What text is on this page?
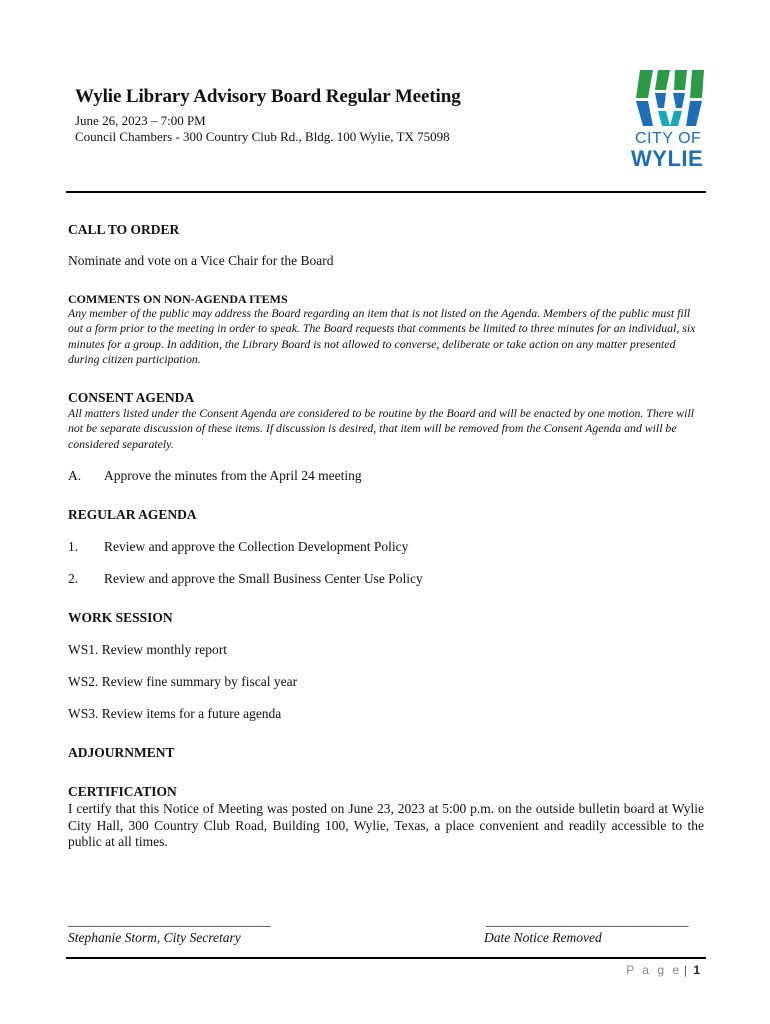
Wylie Library Advisory Board Regular Meeting
June 26, 2023 – 7:00 PM
Council Chambers - 300 Country Club Rd., Bldg. 100 Wylie, TX 75098	CITY OF
WYLIE
CALL TO ORDER
Nominate and vote on a Vice Chair for the Board
COMMENTS ON NON-AGENDA ITEMS
Any member of the public may address the Board regarding an item that is not listed on the Agenda. Members of the public must fill out a form prior to the meeting in order to speak. The Board requests that comments be limited to three minutes for an individual, six minutes for a group. In addition, the Library Board is not allowed to converse, deliberate or take action on any matter presented during citizen participation.
CONSENT AGENDA
All matters listed under the Consent Agenda are considered to be routine by the Board and will be enacted by one motion. There will not be separate discussion of these items. If discussion is desired, that item will be removed from the Consent Agenda and will be considered separately.
A. Approve the minutes from the April 24 meeting
REGULAR AGENDA
1. Review and approve the Collection Development Policy
2. Review and approve the Small Business Center Use Policy
WORK SESSION
WS1. Review monthly report
WS2. Review fine summary by fiscal year
WS3. Review items for a future agenda
ADJOURNMENT
CERTIFICATION
I certify that this Notice of Meeting was posted on June 23, 2023 at 5:00 p.m. on the outside bulletin board at Wylie City Hall, 300 Country Club Road, Building 100, Wylie, Texas, a place convenient and readily accessible to the public at all times.
______________________________
Stephanie Storm, City Secretary
______________________________
Date Notice Removed
P a g e | 1
